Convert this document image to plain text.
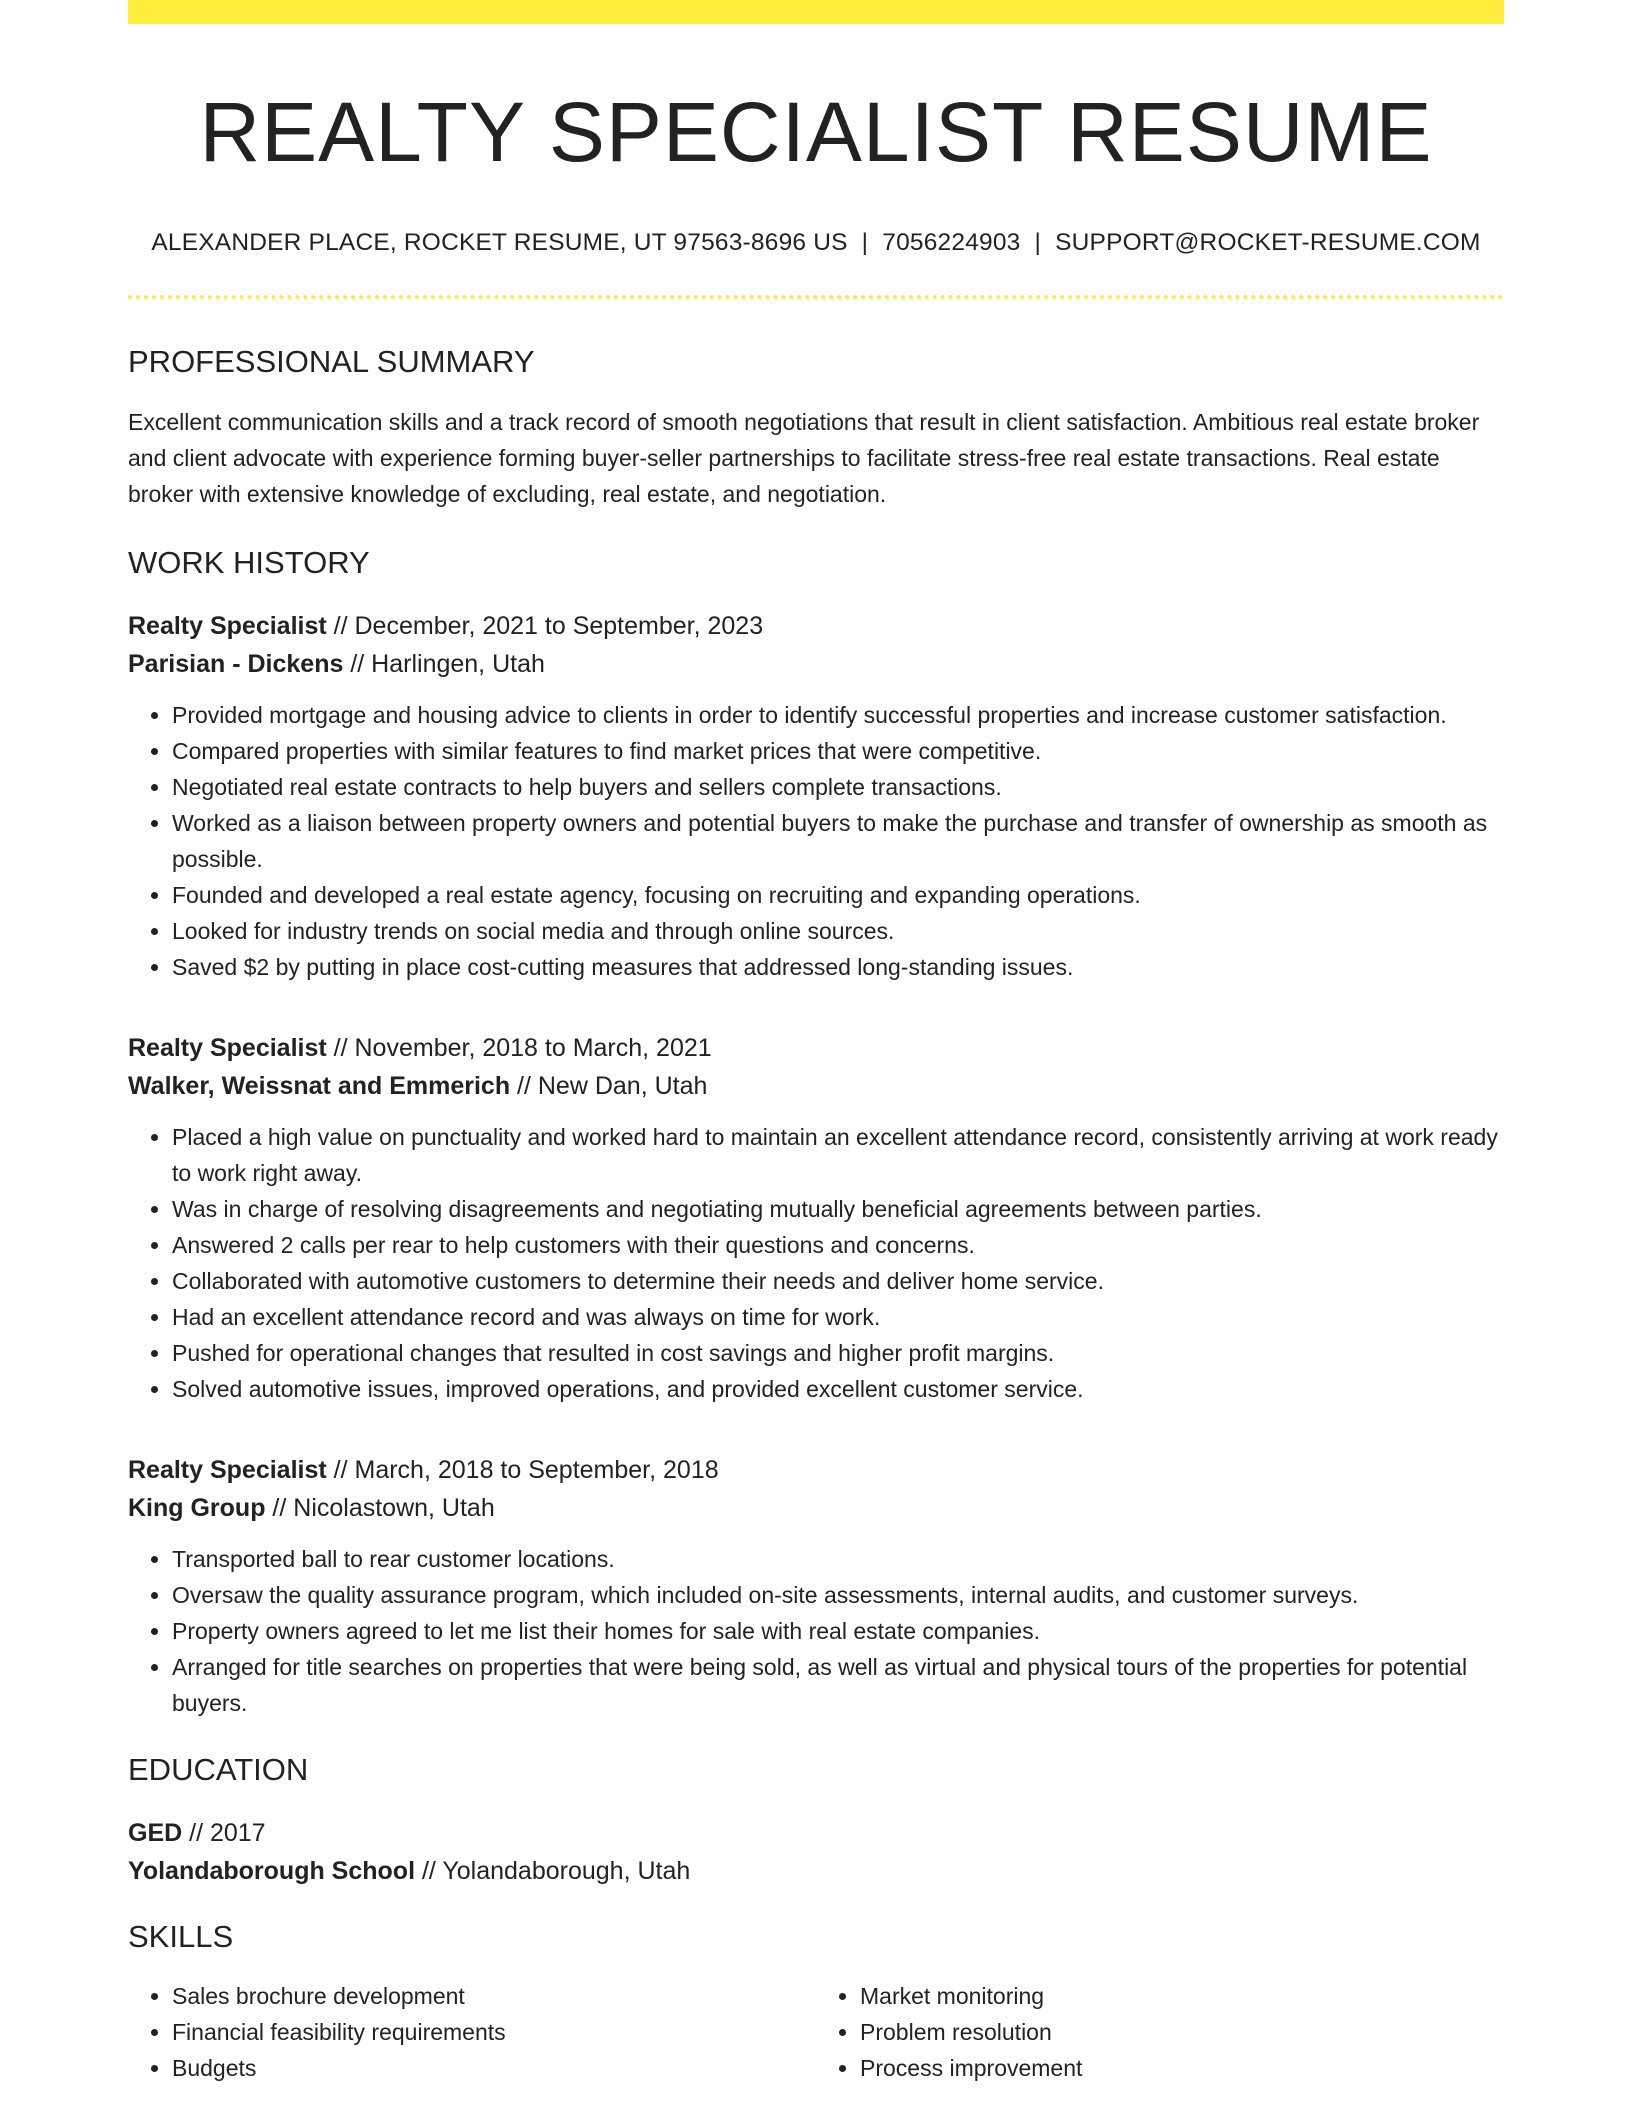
REALTY SPECIALIST RESUME
ALEXANDER PLACE, ROCKET RESUME, UT 97563-8696 US | 7056224903 | SUPPORT@ROCKET-RESUME.COM
PROFESSIONAL SUMMARY

Excellent communication skills and a track record of smooth negotiations that result in client satisfaction. Ambitious real estate broker and client advocate with experience forming buyer-seller partnerships to facilitate stress-free real estate transactions. Real estate broker with extensive knowledge of excluding, real estate, and negotiation.

WORK HISTORY
Realty Specialist // December, 2021 to September, 2023
Parisian - Dickens // Harlingen, Utah
• Provided mortgage and housing advice to clients in order to identify successful properties and increase customer satisfaction.
• Compared properties with similar features to find market prices that were competitive.
• Negotiated real estate contracts to help buyers and sellers complete transactions.
• Worked as a liaison between property owners and potential buyers to make the purchase and transfer of ownership as smooth as possible.
• Founded and developed a real estate agency, focusing on recruiting and expanding operations.
• Looked for industry trends on social media and through online sources.
• Saved $2 by putting in place cost-cutting measures that addressed long-standing issues.
Realty Specialist // November, 2018 to March, 2021
Walker, Weissnat and Emmerich // New Dan, Utah
• Placed a high value on punctuality and worked hard to maintain an excellent attendance record, consistently arriving at work ready to work right away.
• Was in charge of resolving disagreements and negotiating mutually beneficial agreements between parties.
• Answered 2 calls per rear to help customers with their questions and concerns.
• Collaborated with automotive customers to determine their needs and deliver home service.
• Had an excellent attendance record and was always on time for work.
• Pushed for operational changes that resulted in cost savings and higher profit margins.
• Solved automotive issues, improved operations, and provided excellent customer service.
Realty Specialist // March, 2018 to September, 2018
King Group // Nicolastown, Utah
• Transported ball to rear customer locations.
• Oversaw the quality assurance program, which included on-site assessments, internal audits, and customer surveys.
• Property owners agreed to let me list their homes for sale with real estate companies.
• Arranged for title searches on properties that were being sold, as well as virtual and physical tours of the properties for potential buyers.
EDUCATION
GED // 2017
Yolandaborough School // Yolandaborough, Utah
SKILLS
• Sales brochure development
• Financial feasibility requirements
• Budgets
• Market monitoring
• Problem resolution
• Process improvement
